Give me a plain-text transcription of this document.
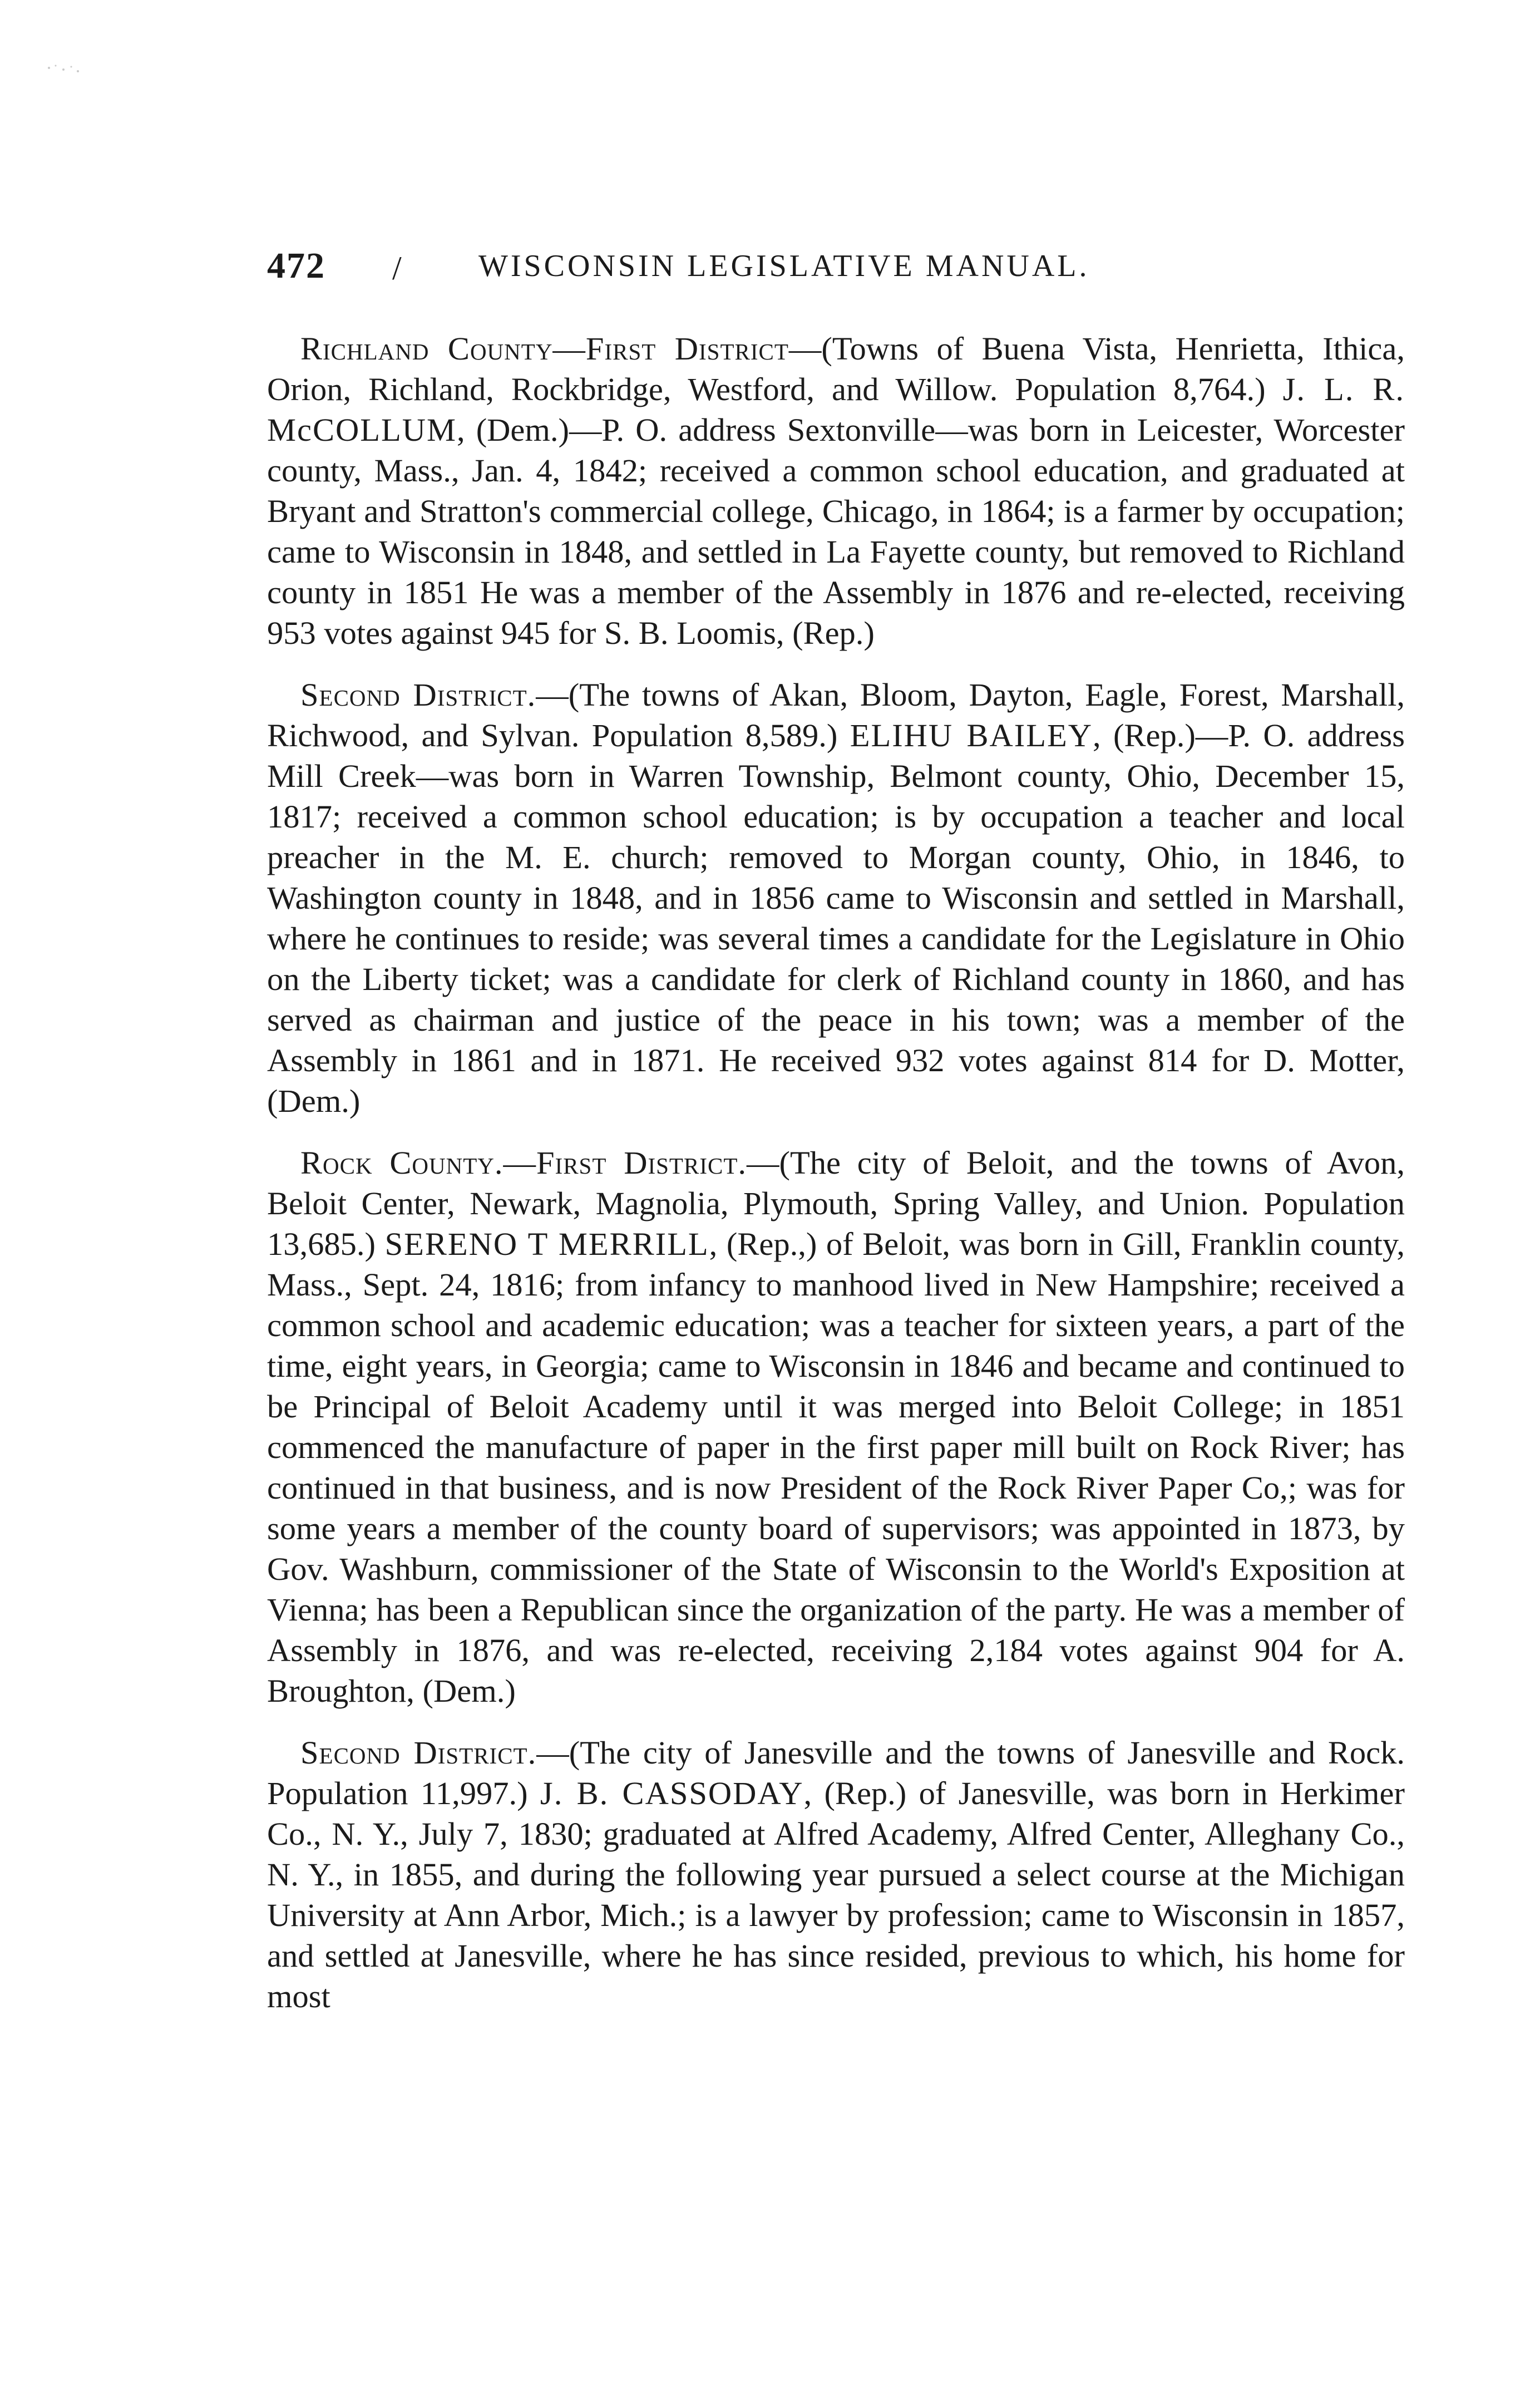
472 / WISCONSIN LEGISLATIVE MANUAL.

Richland County—First District—(Towns of Buena Vista, Henrietta, Ithica, Orion, Richland, Rockbridge, Westford, and Willow. Population 8,764.) J. L. R. McCOLLUM, (Dem.)—P. O. address Sextonville—was born in Leicester, Worcester county, Mass., Jan. 4, 1842; received a common school education, and graduated at Bryant and Stratton's commercial college, Chicago, in 1864; is a farmer by occupation; came to Wisconsin in 1848, and settled in La Fayette county, but removed to Richland county in 1851 He was a member of the Assembly in 1876 and re-elected, receiving 953 votes against 945 for S. B. Loomis, (Rep.)

Second District.—(The towns of Akan, Bloom, Dayton, Eagle, Forest, Marshall, Richwood, and Sylvan. Population 8,589.) ELIHU BAILEY, (Rep.)—P. O. address Mill Creek—was born in Warren Township, Belmont county, Ohio, December 15, 1817; received a common school education; is by occupation a teacher and local preacher in the M. E. church; removed to Morgan county, Ohio, in 1846, to Washington county in 1848, and in 1856 came to Wisconsin and settled in Marshall, where he continues to reside; was several times a candidate for the Legislature in Ohio on the Liberty ticket; was a candidate for clerk of Richland county in 1860, and has served as chairman and justice of the peace in his town; was a member of the Assembly in 1861 and in 1871. He received 932 votes against 814 for D. Motter, (Dem.)

Rock County.—First District.—(The city of Beloit, and the towns of Avon, Beloit Center, Newark, Magnolia, Plymouth, Spring Valley, and Union. Population 13,685.) SERENO T MERRILL, (Rep.,) of Beloit, was born in Gill, Franklin county, Mass., Sept. 24, 1816; from infancy to manhood lived in New Hampshire; received a common school and academic education; was a teacher for sixteen years, a part of the time, eight years, in Georgia; came to Wisconsin in 1846 and became and continued to be Principal of Beloit Academy until it was merged into Beloit College; in 1851 commenced the manufacture of paper in the first paper mill built on Rock River; has continued in that business, and is now President of the Rock River Paper Co,; was for some years a member of the county board of supervisors; was appointed in 1873, by Gov. Washburn, commissioner of the State of Wisconsin to the World's Exposition at Vienna; has been a Republican since the organization of the party. He was a member of Assembly in 1876, and was re-elected, receiving 2,184 votes against 904 for A. Broughton, (Dem.)

Second District.—(The city of Janesville and the towns of Janesville and Rock. Population 11,997.) J. B. CASSODAY, (Rep.) of Janesville, was born in Herkimer Co., N. Y., July 7, 1830; graduated at Alfred Academy, Alfred Center, Alleghany Co., N. Y., in 1855, and during the following year pursued a select course at the Michigan University at Ann Arbor, Mich.; is a lawyer by profession; came to Wisconsin in 1857, and settled at Janesville, where he has since resided, previous to which, his home for most
